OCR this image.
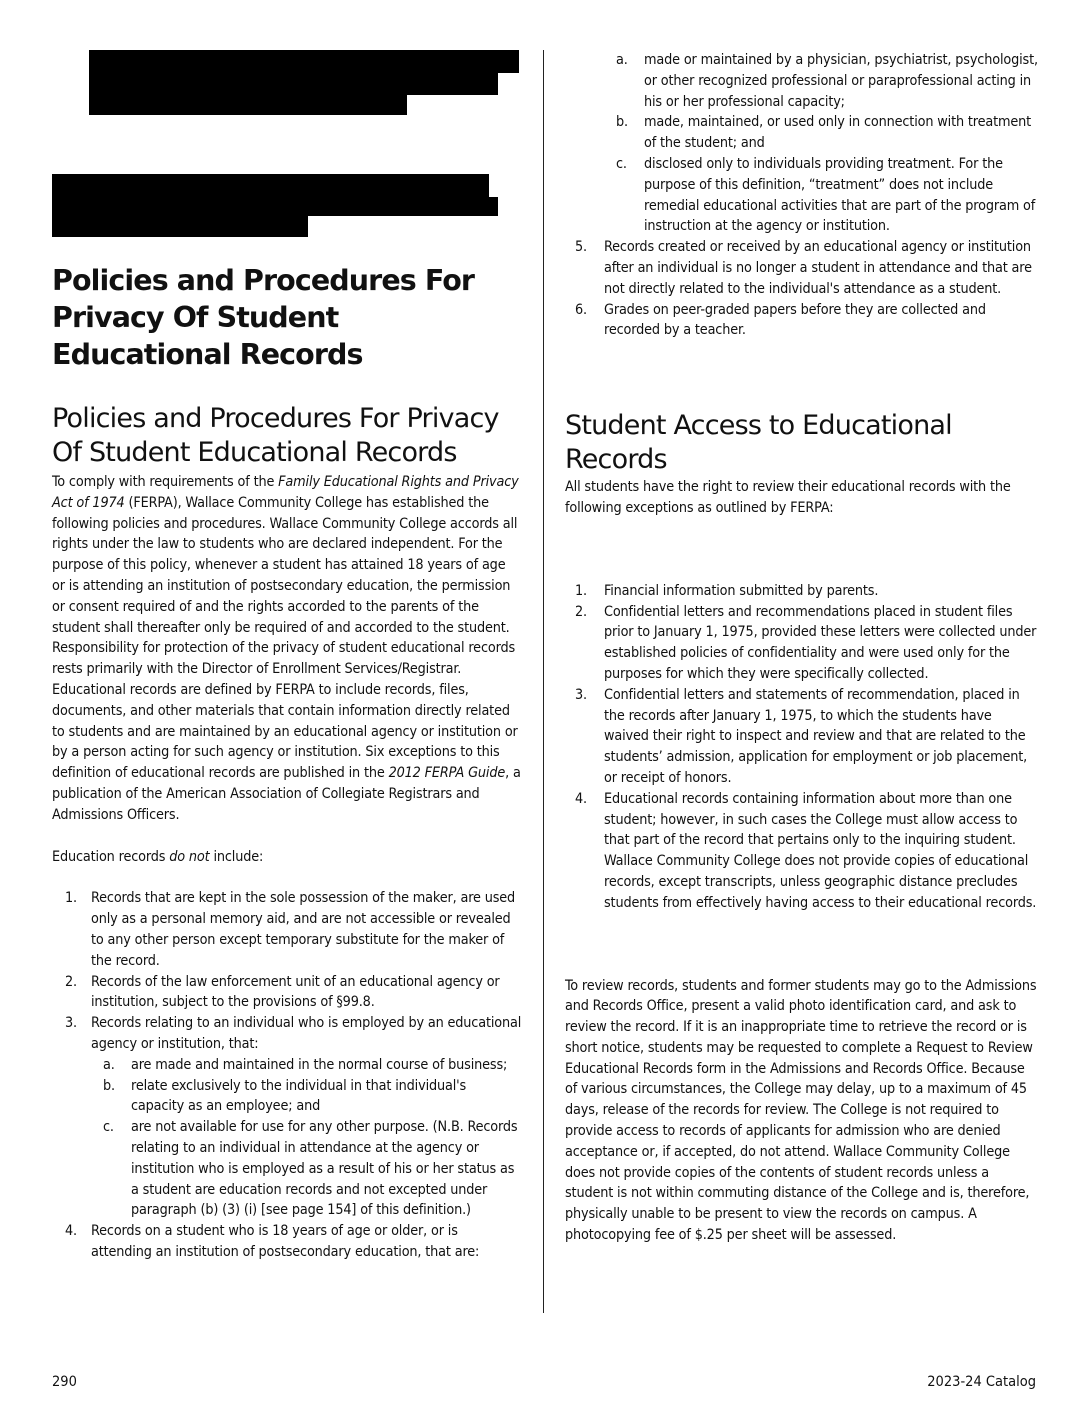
Policies and Procedures For Privacy Of Student Educational Records
Policies and Procedures For Privacy Of Student Educational Records

To comply with requirements of the Family Educational Rights and Privacy Act of 1974 (FERPA), Wallace Community College has established the following policies and procedures. Wallace Community College accords all rights under the law to students who are declared independent. For the purpose of this policy, whenever a student has attained 18 years of age or is attending an institution of postsecondary education, the permission or consent required of and the rights accorded to the parents of the student shall thereafter only be required of and accorded to the student. Responsibility for protection of the privacy of student educational records rests primarily with the Director of Enrollment Services/Registrar. Educational records are defined by FERPA to include records, files, documents, and other materials that contain information directly related to students and are maintained by an educational agency or institution or by a person acting for such agency or institution. Six exceptions to this definition of educational records are published in the 2012 FERPA Guide, a publication of the American Association of Collegiate Registrars and Admissions Officers.

Education records do not include:

1. Records that are kept in the sole possession of the maker, are used only as a personal memory aid, and are not accessible or revealed to any other person except temporary substitute for the maker of the record.
2. Records of the law enforcement unit of an educational agency or institution, subject to the provisions of §99.8.
3. Records relating to an individual who is employed by an educational agency or institution, that:
a. are made and maintained in the normal course of business;
b. relate exclusively to the individual in that individual's capacity as an employee; and
c. are not available for use for any other purpose. (N.B. Records relating to an individual in attendance at the agency or institution who is employed as a result of his or her status as a student are education records and not excepted under paragraph (b) (3) (i) [see page 154] of this definition.)
4. Records on a student who is 18 years of age or older, or is attending an institution of postsecondary education, that are:
a. made or maintained by a physician, psychiatrist, psychologist, or other recognized professional or paraprofessional acting in his or her professional capacity;
b. made, maintained, or used only in connection with treatment of the student; and
c. disclosed only to individuals providing treatment. For the purpose of this definition, “treatment” does not include remedial educational activities that are part of the program of instruction at the agency or institution.
5. Records created or received by an educational agency or institution after an individual is no longer a student in attendance and that are not directly related to the individual's attendance as a student.
6. Grades on peer-graded papers before they are collected and recorded by a teacher.
Student Access to Educational Records

All students have the right to review their educational records with the following exceptions as outlined by FERPA:

1. Financial information submitted by parents.
2. Confidential letters and recommendations placed in student files prior to January 1, 1975, provided these letters were collected under established policies of confidentiality and were used only for the purposes for which they were specifically collected.
3. Confidential letters and statements of recommendation, placed in the records after January 1, 1975, to which the students have waived their right to inspect and review and that are related to the students’ admission, application for employment or job placement, or receipt of honors.
4. Educational records containing information about more than one student; however, in such cases the College must allow access to that part of the record that pertains only to the inquiring student. Wallace Community College does not provide copies of educational records, except transcripts, unless geographic distance precludes students from effectively having access to their educational records.

To review records, students and former students may go to the Admissions and Records Office, present a valid photo identification card, and ask to review the record. If it is an inappropriate time to retrieve the record or is short notice, students may be requested to complete a Request to Review Educational Records form in the Admissions and Records Office. Because of various circumstances, the College may delay, up to a maximum of 45 days, release of the records for review. The College is not required to provide access to records of applicants for admission who are denied acceptance or, if accepted, do not attend. Wallace Community College does not provide copies of the contents of student records unless a student is not within commuting distance of the College and is, therefore, physically unable to be present to view the records on campus. A photocopying fee of $.25 per sheet will be assessed.

290	2023-24 Catalog
